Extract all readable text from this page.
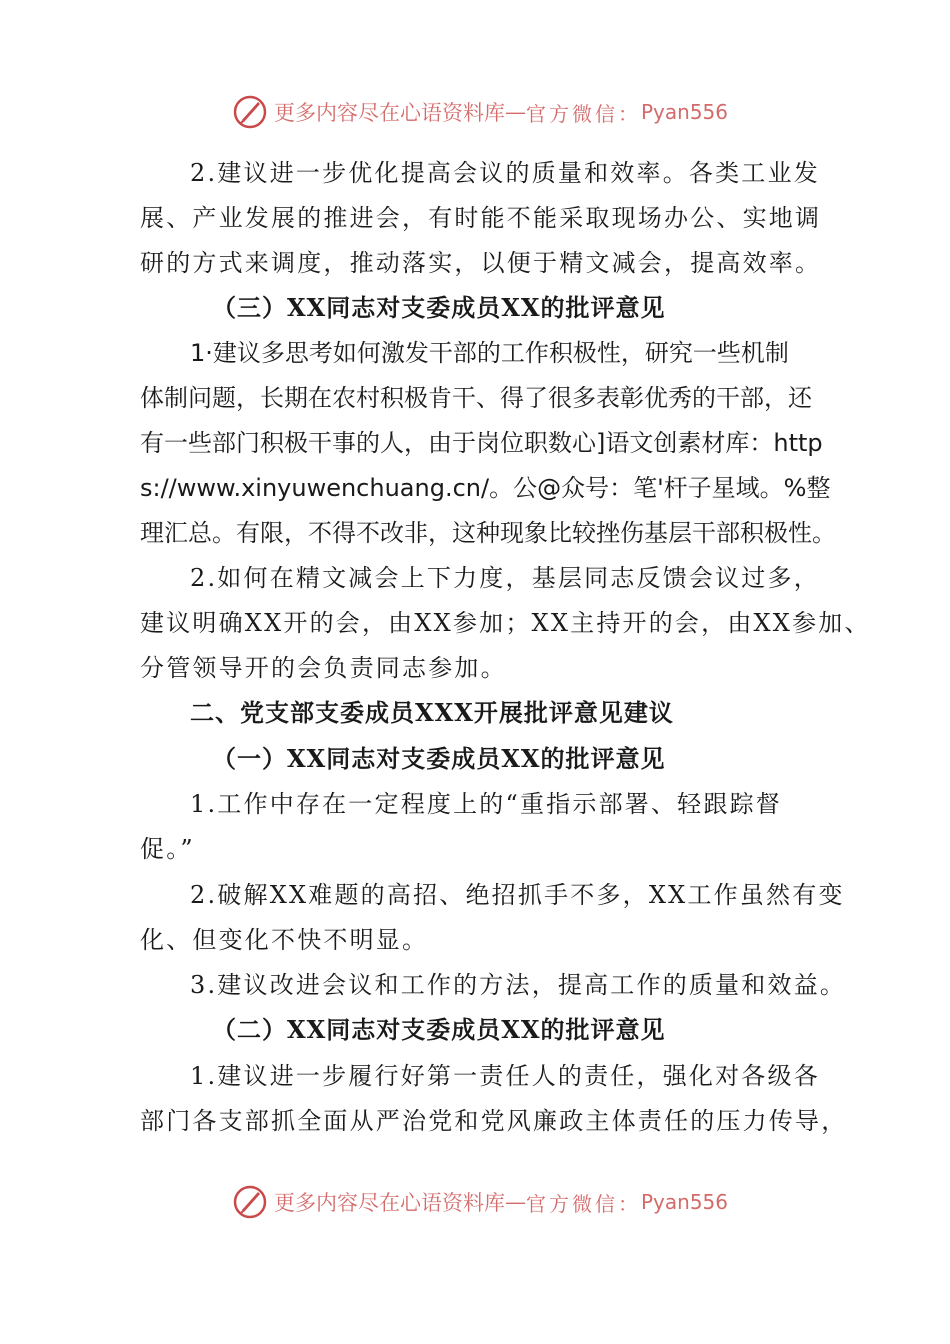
更多内容尽在心语资料库 — 官方微信： Pyan556
2.建议进一步优化提高会议的质量和效率。各类工业发
展、产业发展的推进会，有时能不能采取现场办公、实地调
研的方式来调度，推动落实，以便于精文减会，提高效率。
（三）XX同志对支委成员XX的批评意见
1·建议多思考如何激发干部的工作积极性，研究一些机制
体制问题，长期在农村积极肯干、得了很多表彰优秀的干部，还
有一些部门积极干事的人，由于岗位职数心]语文创素材库：http
s://www.xinyuwenchuang.cn/。公@众号：笔'杆子星域。%整
理汇总。有限，不得不改非，这种现象比较挫伤基层干部积极性。
2.如何在精文减会上下力度，基层同志反馈会议过多，
建议明确XX开的会，由XX参加；XX主持开的会，由XX参加、
分管领导开的会负责同志参加。
二、党支部支委成员XXX开展批评意见建议
（一）XX同志对支委成员XX的批评意见
1.工作中存在一定程度上的“重指示部署、轻跟踪督
促。”
2.破解XX难题的高招、绝招抓手不多，XX工作虽然有变
化、但变化不快不明显。
3.建议改进会议和工作的方法，提高工作的质量和效益。
（二）XX同志对支委成员XX的批评意见
1.建议进一步履行好第一责任人的责任，强化对各级各
部门各支部抓全面从严治党和党风廉政主体责任的压力传导，
更多内容尽在心语资料库 — 官方微信： Pyan556
